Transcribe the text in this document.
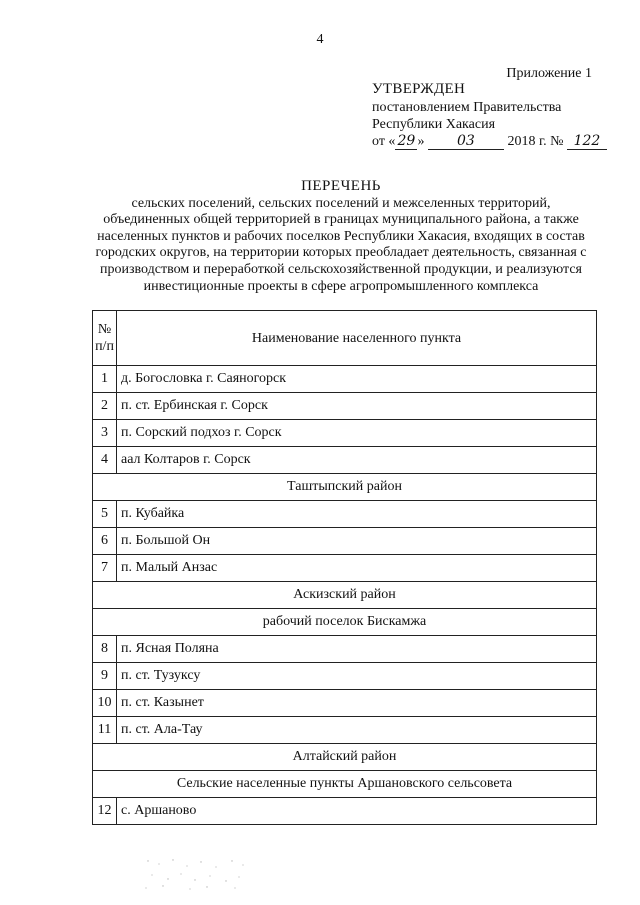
4
Приложение 1
УТВЕРЖДЕН
постановлением Правительства
Республики Хакасия
от « 29 » 03 2018 г. № 122
ПЕРЕЧЕНЬ
сельских поселений, сельских поселений и межселенных территорий,
объединенных общей территорией в границах муниципального района, а также
населенных пунктов и рабочих поселков Республики Хакасия, входящих в состав
городских округов, на территории которых преобладает деятельность, связанная с
производством и переработкой сельскохозяйственной продукции, и реализуются
инвестиционные проекты в сфере агропромышленного комплекса
№
п/п	Наименование населенного пункта
1	д. Богословка г. Саяногорск
2	п. ст. Ербинская г. Сорск
3	п. Сорский подхоз г. Сорск
4	аал Колтаров г. Сорск
Таштыпский район	
5	п. Кубайка
6	п. Большой Он
7	п. Малый Анзас
Аскизский район	
рабочий поселок Бискамжа	
8	п. Ясная Поляна
9	п. ст. Тузуксу
10	п. ст. Казынет
11	п. ст. Ала-Тау
Алтайский район	
Сельские населенные пункты Аршановского сельсовета	
12	с. Аршаново
